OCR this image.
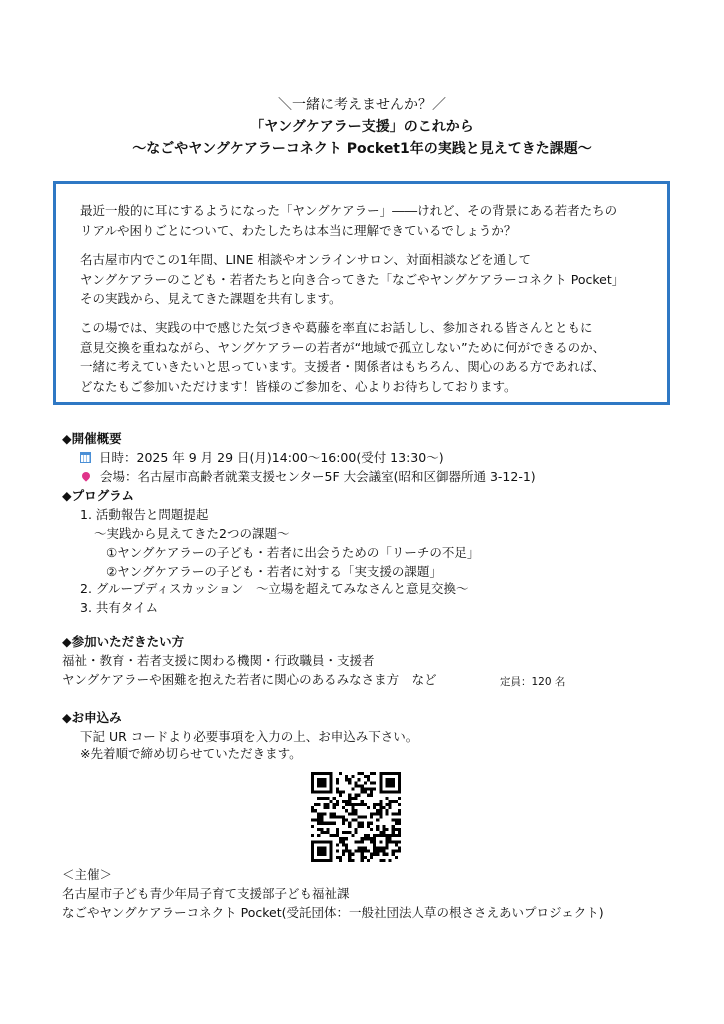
＼一緒に考えませんか？／
「ヤングケアラー支援」のこれから
〜なごやヤングケアラーコネクト Pocket1年の実践と見えてきた課題〜
最近一般的に耳にするようになった「ヤングケアラー」――けれど、その背景にある若者たちの
リアルや困りごとについて、わたしたちは本当に理解できているでしょうか？
名古屋市内でこの1年間、LINE 相談やオンラインサロン、対面相談などを通して
ヤングケアラーのこども・若者たちと向き合ってきた「なごやヤングケアラーコネクト Pocket」
その実践から、見えてきた課題を共有します。
この場では、実践の中で感じた気づきや葛藤を率直にお話しし、参加される皆さんとともに
意見交換を重ねながら、ヤングケアラーの若者が“地域で孤立しない”ために何ができるのか、
一緒に考えていきたいと思っています。支援者・関係者はもちろん、関心のある方であれば、
どなたもご参加いただけます！皆様のご参加を、心よりお待ちしております。
◆開催概要
日時：2025 年 9 月 29 日(月)14:00〜16:00(受付 13:30〜)
会場：名古屋市高齢者就業支援センター5F 大会議室(昭和区御器所通 3-12-1)
◆プログラム
1. 活動報告と問題提起
〜実践から見えてきた2つの課題〜
①ヤングケアラーの子ども・若者に出会うための「リーチの不足」
②ヤングケアラーの子ども・若者に対する「実支援の課題」
2. グループディスカッション　〜立場を超えてみなさんと意見交換〜
3. 共有タイム
◆参加いただきたい方
福祉・教育・若者支援に関わる機関・行政職員・支援者
ヤングケアラーや困難を抱えた若者に関心のあるみなさま方　など	定員：120 名
◆お申込み
下記 UR コードより必要事項を入力の上、お申込み下さい。
※先着順で締め切らせていただきます。
＜主催＞
名古屋市子ども青少年局子育て支援部子ども福祉課
なごやヤングケアラーコネクト Pocket(受託団体：一般社団法人草の根ささえあいプロジェクト)
